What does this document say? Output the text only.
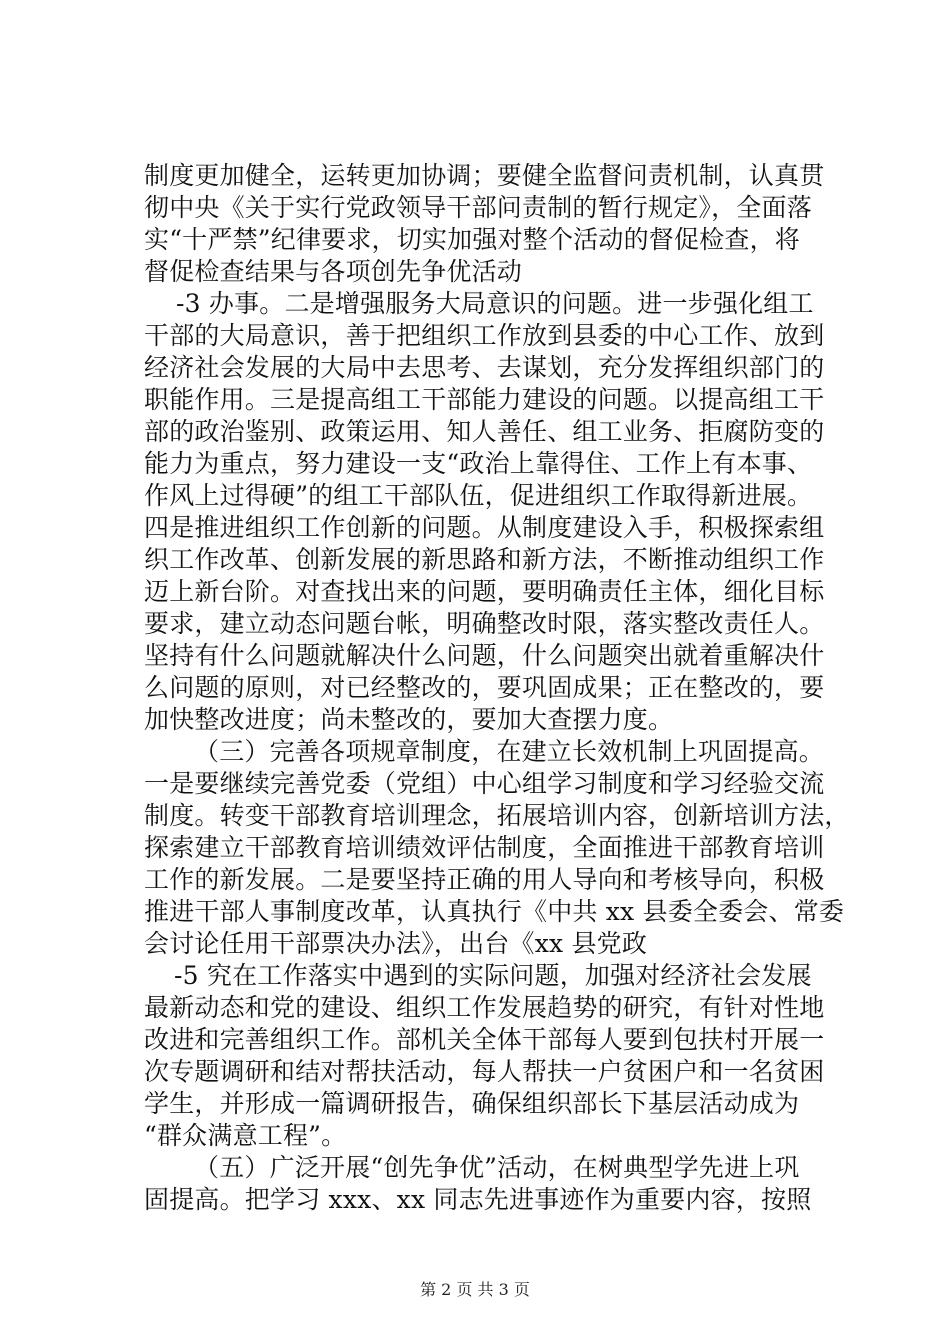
制度更加健全，运转更加协调；要健全监督问责机制，认真贯
彻中央《关于实行党政领导干部问责制的暂行规定》，全面落
实“十严禁”纪律要求，切实加强对整个活动的督促检查，将
督促检查结果与各项创先争优活动
-3 办事。二是增强服务大局意识的问题。进一步强化组工
干部的大局意识，善于把组织工作放到县委的中心工作、放到
经济社会发展的大局中去思考、去谋划，充分发挥组织部门的
职能作用。三是提高组工干部能力建设的问题。以提高组工干
部的政治鉴别、政策运用、知人善任、组工业务、拒腐防变的
能力为重点，努力建设一支“政治上靠得住、工作上有本事、
作风上过得硬”的组工干部队伍，促进组织工作取得新进展。
四是推进组织工作创新的问题。从制度建设入手，积极探索组
织工作改革、创新发展的新思路和新方法，不断推动组织工作
迈上新台阶。对查找出来的问题，要明确责任主体，细化目标
要求，建立动态问题台帐，明确整改时限，落实整改责任人。
坚持有什么问题就解决什么问题，什么问题突出就着重解决什
么问题的原则，对已经整改的，要巩固成果；正在整改的，要
加快整改进度；尚未整改的，要加大查摆力度。
（三）完善各项规章制度，在建立长效机制上巩固提高。
一是要继续完善党委（党组）中心组学习制度和学习经验交流
制度。转变干部教育培训理念，拓展培训内容，创新培训方法，
探索建立干部教育培训绩效评估制度，全面推进干部教育培训
工作的新发展。二是要坚持正确的用人导向和考核导向，积极
推进干部人事制度改革，认真执行《中共 xx 县委全委会、常委
会讨论任用干部票决办法》，出台《xx 县党政
-5 究在工作落实中遇到的实际问题，加强对经济社会发展
最新动态和党的建设、组织工作发展趋势的研究，有针对性地
改进和完善组织工作。部机关全体干部每人要到包扶村开展一
次专题调研和结对帮扶活动，每人帮扶一户贫困户和一名贫困
学生，并形成一篇调研报告，确保组织部长下基层活动成为
“群众满意工程”。
（五）广泛开展“创先争优”活动，在树典型学先进上巩
固提高。把学习 xxx、xx 同志先进事迹作为重要内容，按照
第 2 页 共 3 页
